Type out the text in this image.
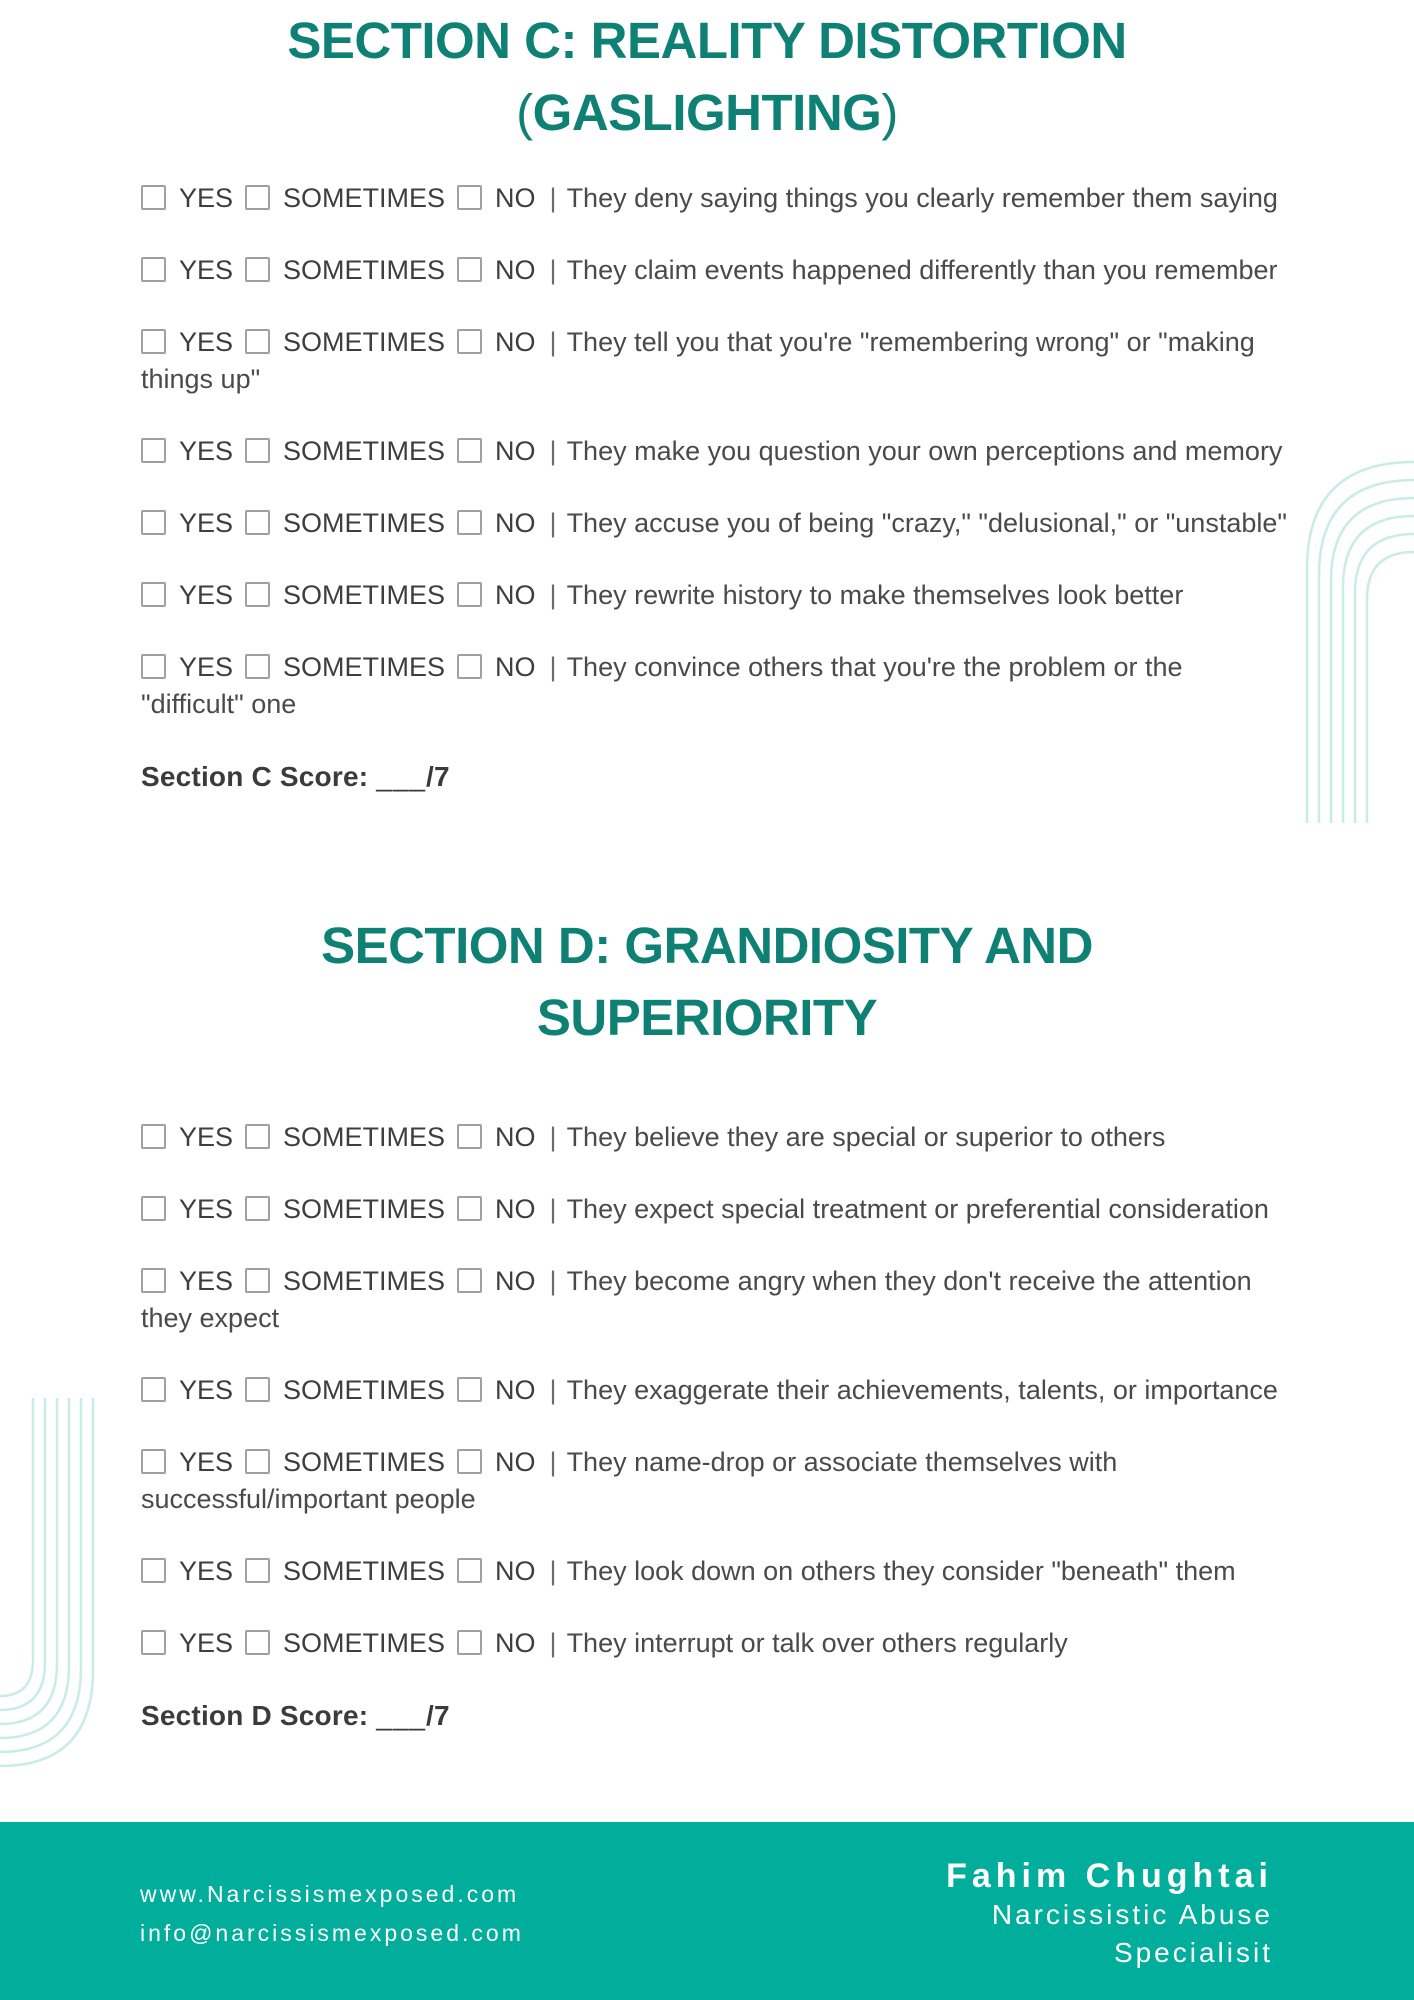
SECTION C: REALITY DISTORTION
(GASLIGHTING)
YES SOMETIMES NO | They deny saying things you clearly remember them saying
YES SOMETIMES NO | They claim events happened differently than you remember
YES SOMETIMES NO | They tell you that you're "remembering wrong" or "making things up"
YES SOMETIMES NO | They make you question your own perceptions and memory
YES SOMETIMES NO | They accuse you of being "crazy," "delusional," or "unstable"
YES SOMETIMES NO | They rewrite history to make themselves look better
YES SOMETIMES NO | They convince others that you're the problem or the "difficult" one
Section C Score: ___/7
SECTION D: GRANDIOSITY AND
SUPERIORITY
YES SOMETIMES NO | They believe they are special or superior to others
YES SOMETIMES NO | They expect special treatment or preferential consideration
YES SOMETIMES NO | They become angry when they don't receive the attention they expect
YES SOMETIMES NO | They exaggerate their achievements, talents, or importance
YES SOMETIMES NO | They name-drop or associate themselves with successful/important people
YES SOMETIMES NO | They look down on others they consider "beneath" them
YES SOMETIMES NO | They interrupt or talk over others regularly
Section D Score: ___/7
www.Narcissismexposed.com
info@narcissismexposed.com
Fahim Chughtai
Narcissistic Abuse
Specialisit
